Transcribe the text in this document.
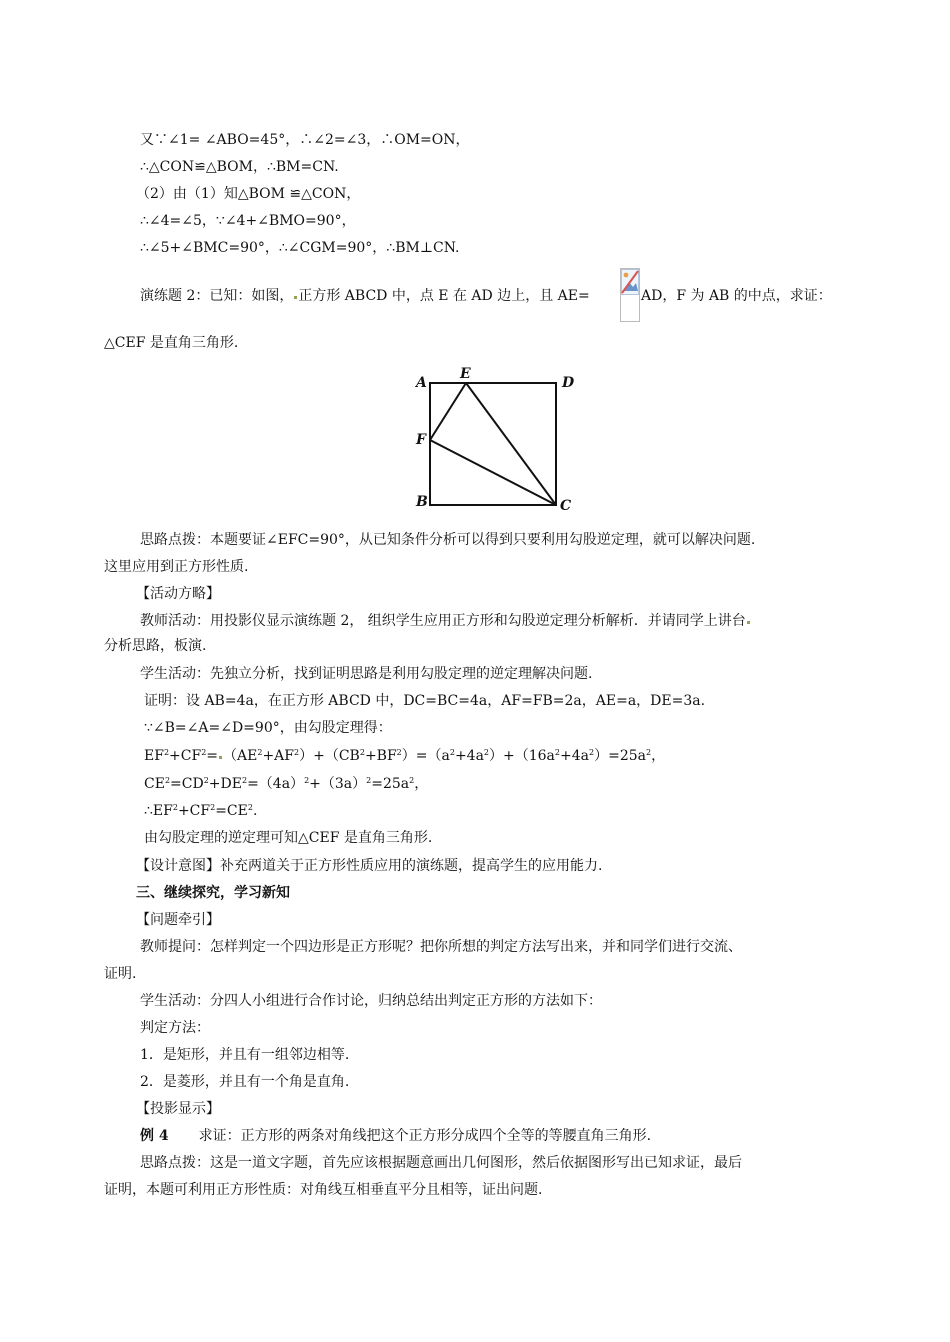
又∵∠1= ∠ABO=45°，∴∠2=∠3，∴OM=ON，
∴△CON≌△BOM，∴BM=CN.
（2）由（1）知△BOM ≌△CON，
∴∠4=∠5，∵∠4+∠BMO=90°，
∴∠5+∠BMC=90°，∴∠CGM=90°，∴BM⊥CN.
演练题 2：已知：如图， 正方形 ABCD 中，点 E 在 AD 边上，且 AE=	AD，F 为 AB 的中点，求证：
△CEF 是直角三角形.
A
E
D
F
B	C
思路点拨：本题要证∠EFC=90°，从已知条件分析可以得到只要利用勾股逆定理，就可以解决问题.
这里应用到正方形性质.
【活动方略】
教师活动：用投影仪显示演练题 2， 组织学生应用正方形和勾股逆定理分析解析．并请同学上讲台
分析思路，板演.
学生活动：先独立分析，找到证明思路是利用勾股定理的逆定理解决问题.
证明：设 AB=4a，在正方形 ABCD 中，DC=BC=4a，AF=FB=2a，AE=a，DE=3a.
∵∠B=∠A=∠D=90°，由勾股定理得：
$EF^2+CF^2= (AE^2+AF^2)+(CB^2+BF^2)=(a^2+4a^2)+(16a^2+4a^2)=25a^2$，
$CE^2=CD^2+DE^2=(4a)^2+(3a)^2=25a^2$，
$\therefore EF^2+CF^2=CE^2$.
由勾股定理的逆定理可知△CEF 是直角三角形.
【设计意图】补充两道关于正方形性质应用的演练题，提高学生的应用能力.
三、继续探究，学习新知
【问题牵引】
教师提问：怎样判定一个四边形是正方形呢？把你所想的判定方法写出来，并和同学们进行交流、
证明.
学生活动：分四人小组进行合作讨论，归纳总结出判定正方形的方法如下：
判定方法：
1．是矩形，并且有一组邻边相等.
2．是菱形，并且有一个角是直角.
【投影显示】
例 4 求证：正方形的两条对角线把这个正方形分成四个全等的等腰直角三角形.
思路点拨：这是一道文字题，首先应该根据题意画出几何图形，然后依据图形写出已知求证，最后
证明，本题可利用正方形性质：对角线互相垂直平分且相等，证出问题.
